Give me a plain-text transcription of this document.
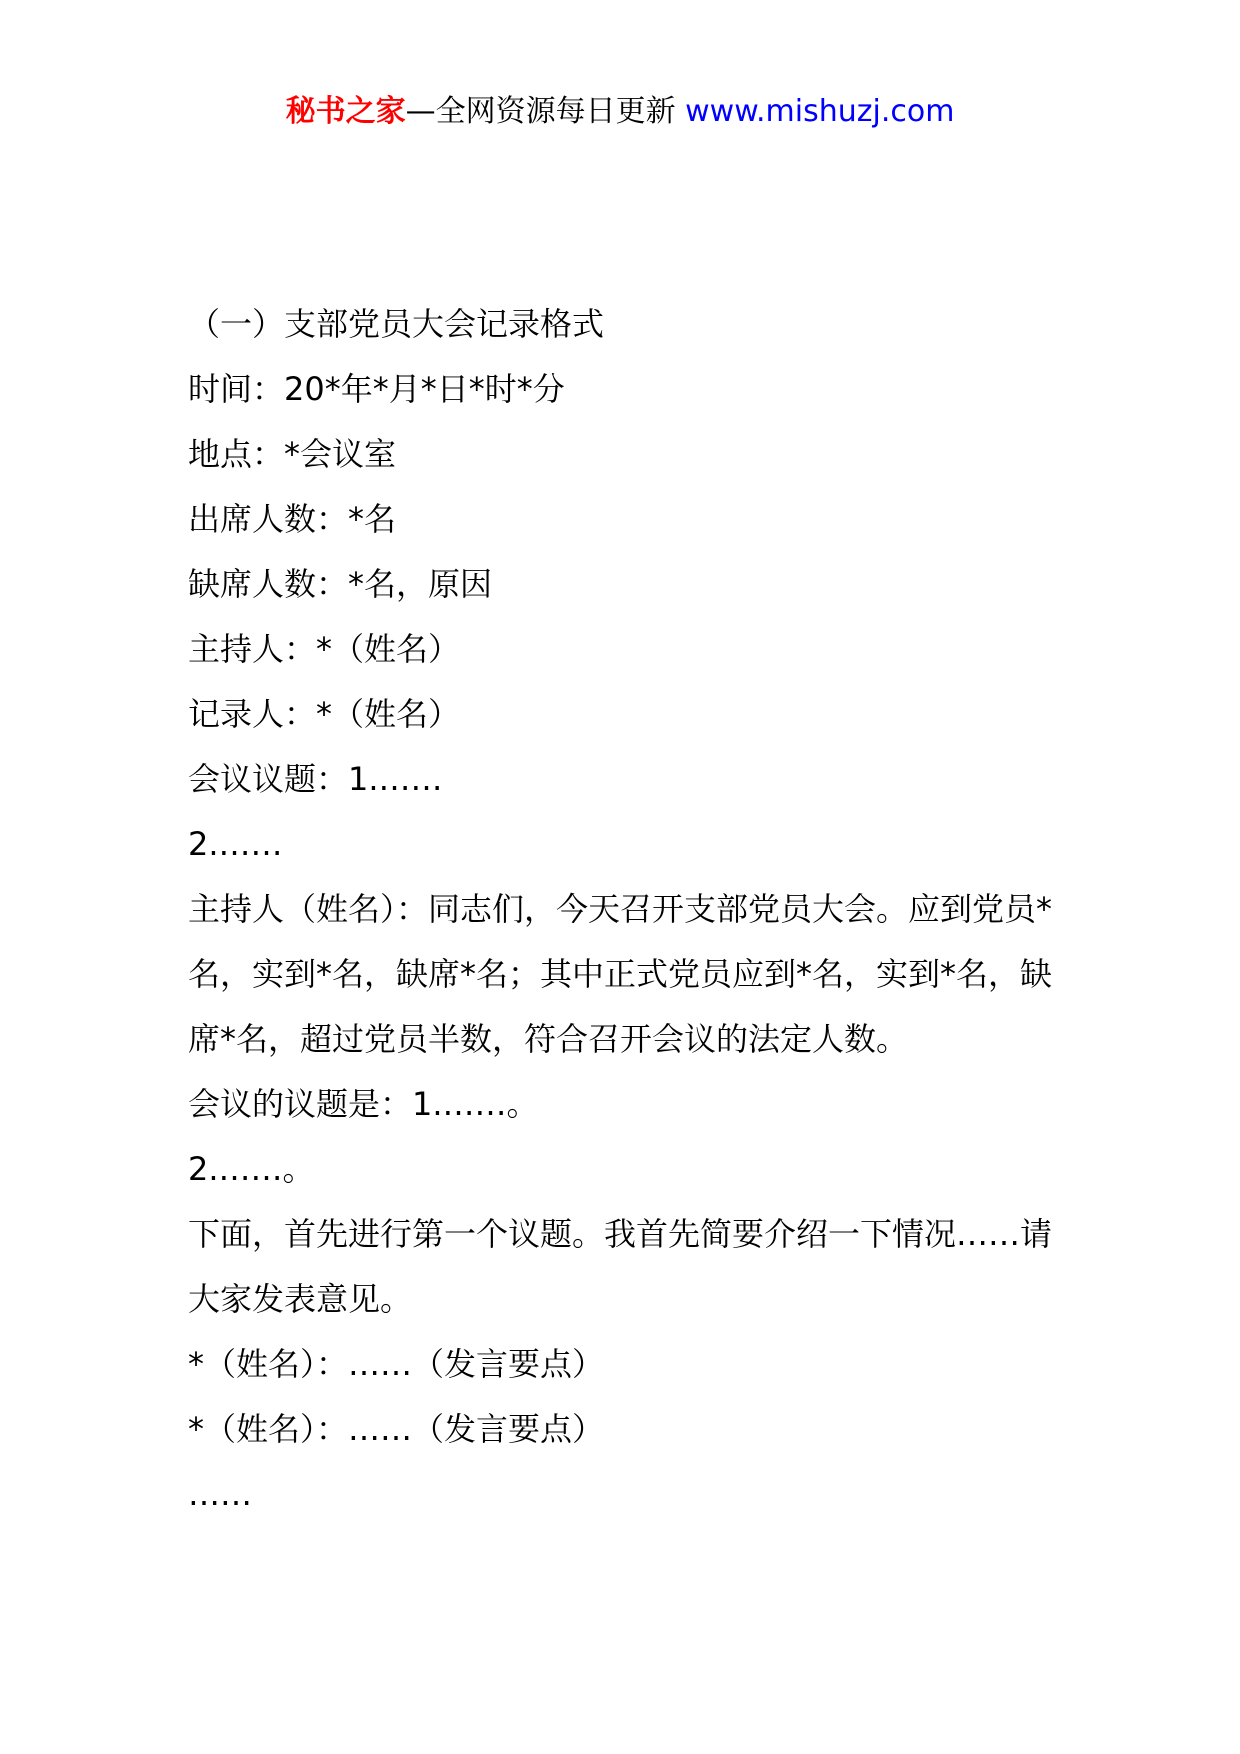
秘书之家—全网资源每日更新 www.mishuzj.com

（一）支部党员大会记录格式

时间：20*年*月*日*时*分

地点：*会议室

出席人数：*名

缺席人数：*名，原因

主持人：*（姓名）

记录人：*（姓名）

会议议题：1.……

2.……

主持人（姓名）：同志们，今天召开支部党员大会。应到党员*名，实到*名，缺席*名；其中正式党员应到*名，实到*名，缺席*名，超过党员半数，符合召开会议的法定人数。

会议的议题是：1.……。

2.……。

下面，首先进行第一个议题。我首先简要介绍一下情况……请大家发表意见。

*（姓名）：……（发言要点）

*（姓名）：……（发言要点）

……
